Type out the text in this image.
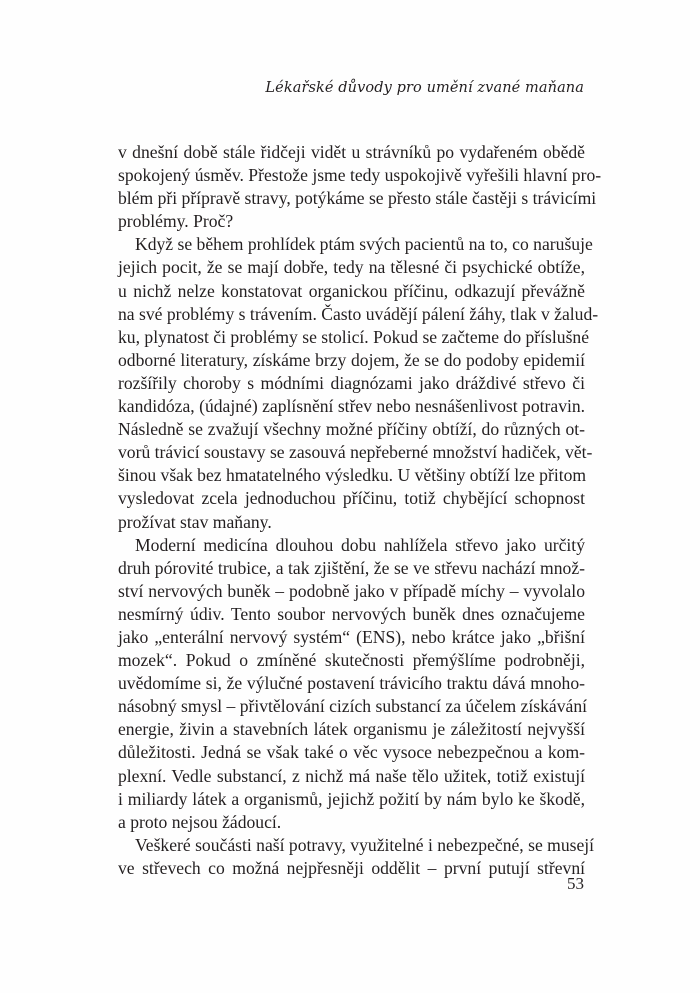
Lékařské důvody pro umění zvané maňana
v dnešní době stále řidčeji vidět u strávníků po vydařeném obědě
spokojený úsměv. Přestože jsme tedy uspokojivě vyřešili hlavní pro-
blém při přípravě stravy, potýkáme se přesto stále častěji s trávicími
problémy. Proč?
Když se během prohlídek ptám svých pacientů na to, co narušuje
jejich pocit, že se mají dobře, tedy na tělesné či psychické obtíže,
u nichž nelze konstatovat organickou příčinu, odkazují převážně
na své problémy s trávením. Často uvádějí pálení žáhy, tlak v žalud-
ku, plynatost či problémy se stolicí. Pokud se začteme do příslušné
odborné literatury, získáme brzy dojem, že se do podoby epidemií
rozšířily choroby s módními diagnózami jako dráždivé střevo či
kandidóza, (údajné) zaplísnění střev nebo nesnášenlivost potravin.
Následně se zvažují všechny možné příčiny obtíží, do různých ot-
vorů trávicí soustavy se zasouvá nepřeberné množství hadiček, vět-
šinou však bez hmatatelného výsledku. U většiny obtíží lze přitom
vysledovat zcela jednoduchou příčinu, totiž chybějící schopnost
prožívat stav maňany.
Moderní medicína dlouhou dobu nahlížela střevo jako určitý
druh pórovité trubice, a tak zjištění, že se ve střevu nachází množ-
ství nervových buněk – podobně jako v případě míchy – vyvolalo
nesmírný údiv. Tento soubor nervových buněk dnes označujeme
jako „enterální nervový systém“ (ENS), nebo krátce jako „břišní
mozek“. Pokud o zmíněné skutečnosti přemýšlíme podrobněji,
uvědomíme si, že výlučné postavení trávicího traktu dává mnoho-
násobný smysl – přivtělování cizích substancí za účelem získávání
energie, živin a stavebních látek organismu je záležitostí nejvyšší
důležitosti. Jedná se však také o věc vysoce nebezpečnou a kom-
plexní. Vedle substancí, z nichž má naše tělo užitek, totiž existují
i miliardy látek a organismů, jejichž požití by nám bylo ke škodě,
a proto nejsou žádoucí.
Veškeré součásti naší potravy, využitelné i nebezpečné, se musejí
ve střevech co možná nejpřesněji oddělit – první putují střevní
53
